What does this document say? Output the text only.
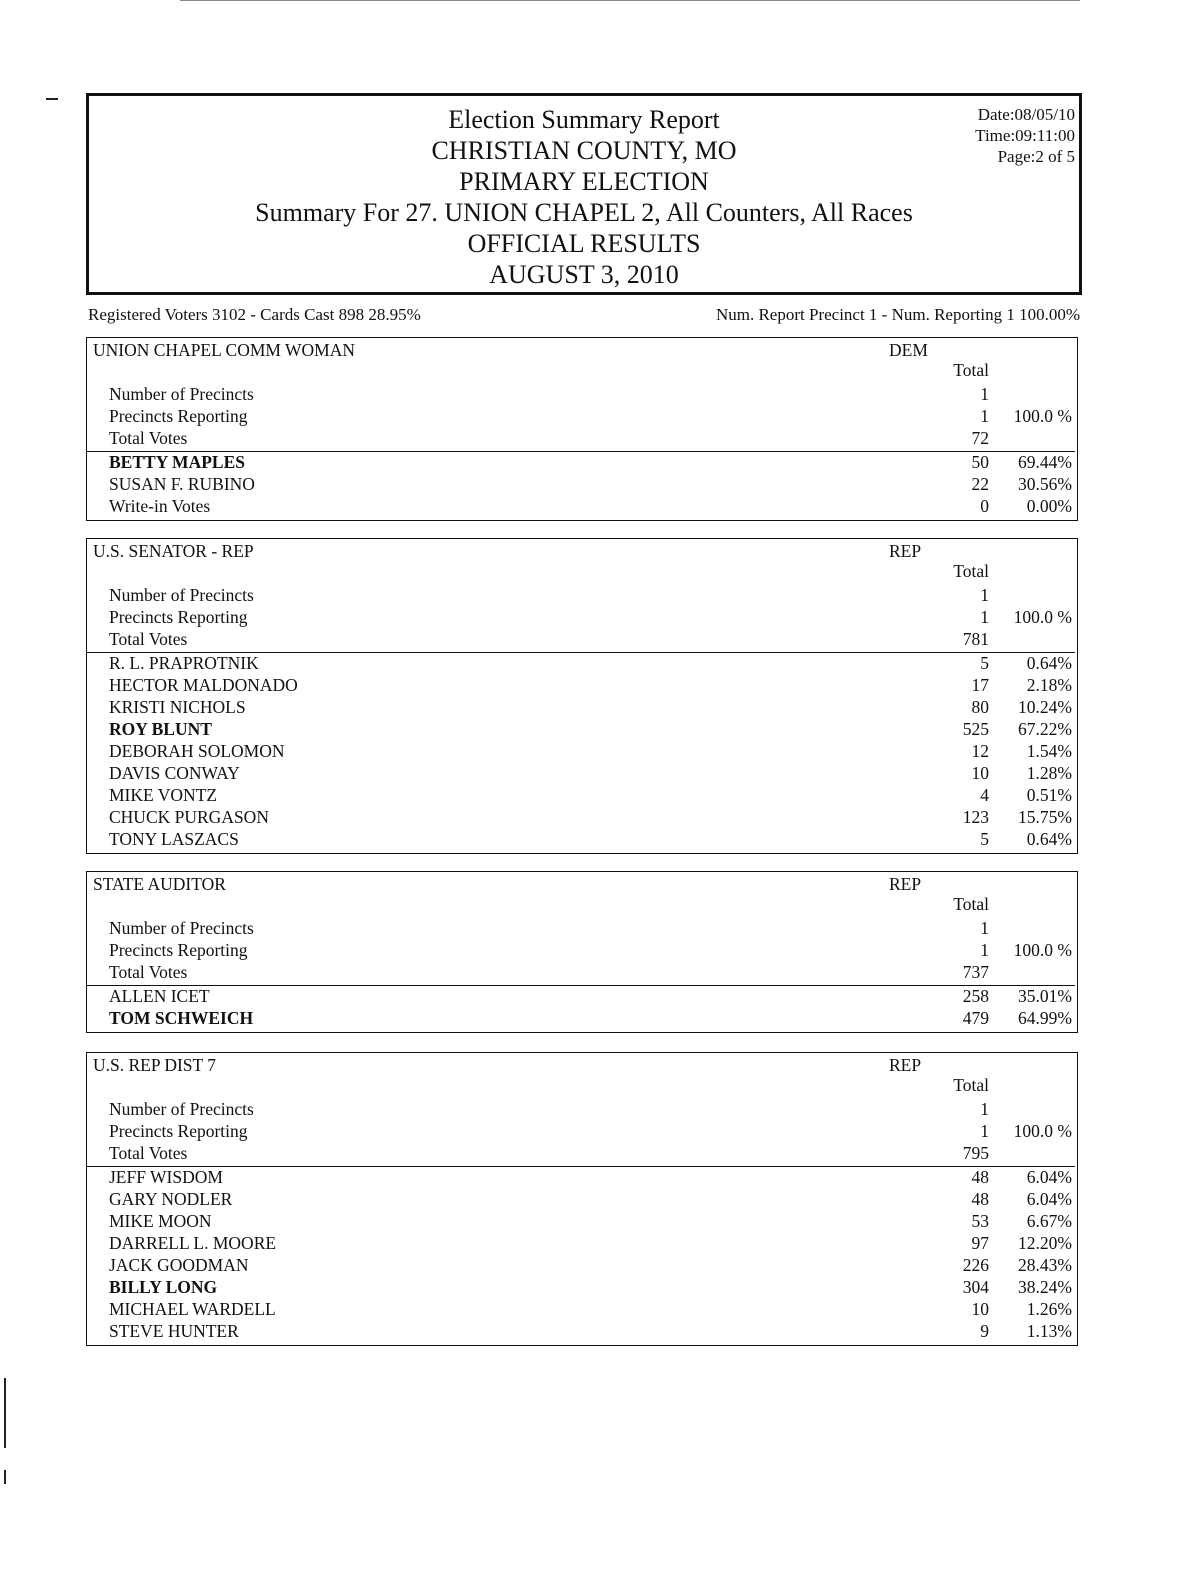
Election Summary Report
CHRISTIAN COUNTY, MO
PRIMARY ELECTION
Summary For 27. UNION CHAPEL 2, All Counters, All Races
OFFICIAL RESULTS
AUGUST 3, 2010
Date:08/05/10
Time:09:11:00
Page:2 of 5
Registered Voters 3102 - Cards Cast 898 28.95%	Num. Report Precinct 1 - Num. Reporting 1 100.00%
UNION CHAPEL COMM WOMAN	DEM
Total
Number of Precincts	1
Precincts Reporting	1	100.0 %
Total Votes	72
BETTY MAPLES	50	69.44%
SUSAN F. RUBINO	22	30.56%
Write-in Votes	0	0.00%
U.S. SENATOR - REP	REP
Total
Number of Precincts	1
Precincts Reporting	1	100.0 %
Total Votes	781
R. L. PRAPROTNIK	5	0.64%
HECTOR MALDONADO	17	2.18%
KRISTI NICHOLS	80	10.24%
ROY BLUNT	525	67.22%
DEBORAH SOLOMON	12	1.54%
DAVIS CONWAY	10	1.28%
MIKE VONTZ	4	0.51%
CHUCK PURGASON	123	15.75%
TONY LASZACS	5	0.64%
STATE AUDITOR	REP
Total
Number of Precincts	1
Precincts Reporting	1	100.0 %
Total Votes	737
ALLEN ICET	258	35.01%
TOM SCHWEICH	479	64.99%
U.S. REP DIST 7	REP
Total
Number of Precincts	1
Precincts Reporting	1	100.0 %
Total Votes	795
JEFF WISDOM	48	6.04%
GARY NODLER	48	6.04%
MIKE MOON	53	6.67%
DARRELL L. MOORE	97	12.20%
JACK GOODMAN	226	28.43%
BILLY LONG	304	38.24%
MICHAEL WARDELL	10	1.26%
STEVE HUNTER	9	1.13%
